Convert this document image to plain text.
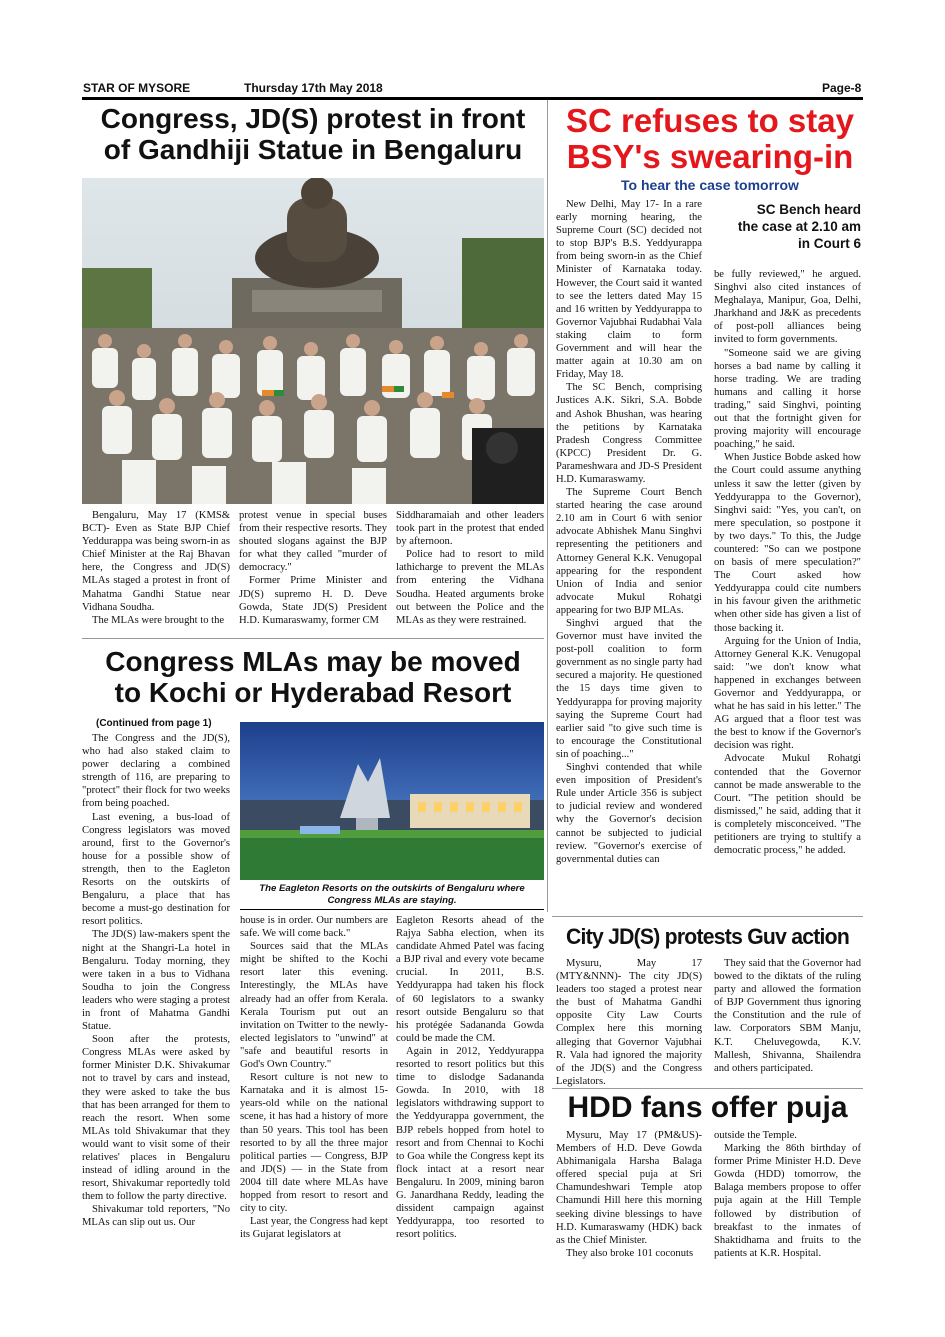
STAR OF MYSORE	Thursday 17th May 2018	Page-8

Congress, JD(S) protest in front

of Gandhiji Statue in Bengaluru

Bengaluru, May 17 (KMS& BCT)- Even as State BJP Chief Yeddurappa was being sworn-in as Chief Minister at the Raj Bhavan here, the Congress and JD(S) MLAs staged a protest in front of Mahatma Gandhi Statue near Vidhana Soudha.

The MLAs were brought to the

protest venue in special buses from their respective resorts. They shouted slogans against the BJP for what they called "murder of democracy."

Former Prime Minister and JD(S) supremo H. D. Deve Gowda, State JD(S) President H.D. Kumaraswamy, former CM

Siddharamaiah and other leaders took part in the protest that ended by afternoon.

Police had to resort to mild lathicharge to prevent the MLAs from entering the Vidhana Soudha. Heated arguments broke out between the Police and the MLAs as they were restrained.

Congress MLAs may be moved

to Kochi or Hyderabad Resort

(Continued from page 1)

The Congress and the JD(S), who had also staked claim to power declaring a combined strength of 116, are preparing to "protect" their flock for two weeks from being poached.

Last evening, a bus-load of Congress legislators was moved around, first to the Governor's house for a possible show of strength, then to the Eagleton Resorts on the outskirts of Bengaluru, a place that has become a must-go destination for resort politics.

The JD(S) law-makers spent the night at the Shangri-La hotel in Bengaluru. Today morning, they were taken in a bus to Vidhana Soudha to join the Congress leaders who were staging a protest in front of Mahatma Gandhi Statue.

Soon after the protests, Congress MLAs were asked by former Minister D.K. Shivakumar not to travel by cars and instead, they were asked to take the bus that has been arranged for them to reach the resort. When some MLAs told Shivakumar that they would want to visit some of their relatives' places in Bengaluru instead of idling around in the resort, Shivakumar reportedly told them to follow the party directive.

Shivakumar told reporters, "No MLAs can slip out us. Our

The Eagleton Resorts on the outskirts of Bengaluru where
Congress MLAs are staying.

house is in order. Our numbers are safe. We will come back."

Sources said that the MLAs might be shifted to the Kochi resort later this evening. Interestingly, the MLAs have already had an offer from Kerala. Kerala Tourism put out an invitation on Twitter to the newly-elected legislators to "unwind" at "safe and beautiful resorts in God's Own Country."

Resort culture is not new to Karnataka and it is almost 15-years-old while on the national scene, it has had a history of more than 50 years. This tool has been resorted to by all the three major political parties — Congress, BJP and JD(S) — in the State from 2004 till date where MLAs have hopped from resort to resort and city to city.

Last year, the Congress had kept its Gujarat legislators at

Eagleton Resorts ahead of the Rajya Sabha election, when its candidate Ahmed Patel was facing a BJP rival and every vote became crucial. In 2011, B.S. Yeddyurappa had taken his flock of 60 legislators to a swanky resort outside Bengaluru so that his protégée Sadananda Gowda could be made the CM.

Again in 2012, Yeddyurappa resorted to resort politics but this time to dislodge Sadananda Gowda. In 2010, with 18 legislators withdrawing support to the Yeddyurappa government, the BJP rebels hopped from hotel to resort and from Chennai to Kochi to Goa while the Congress kept its flock intact at a resort near Bengaluru. In 2009, mining baron G. Janardhana Reddy, leading the dissident campaign against Yeddyurappa, too resorted to resort politics.

SC refuses to stay

BSY's swearing-in

To hear the case tomorrow
SC Bench heard
the case at 2.10 am
in Court 6

New Delhi, May 17- In a rare early morning hearing, the Supreme Court (SC) decided not to stop BJP's B.S. Yeddyurappa from being sworn-in as the Chief Minister of Karnataka today. However, the Court said it wanted to see the letters dated May 15 and 16 written by Yeddyurappa to Governor Vajubhai Rudabhai Vala staking claim to form Government and will hear the matter again at 10.30 am on Friday, May 18.

The SC Bench, comprising Justices A.K. Sikri, S.A. Bobde and Ashok Bhushan, was hearing the petitions by Karnataka Pradesh Congress Committee (KPCC) President Dr. G. Parameshwara and JD-S President H.D. Kumaraswamy.

The Supreme Court Bench started hearing the case around 2.10 am in Court 6 with senior advocate Abhishek Manu Singhvi representing the petitioners and Attorney General K.K. Venugopal appearing for the respondent Union of India and senior advocate Mukul Rohatgi appearing for two BJP MLAs.

Singhvi argued that the Governor must have invited the post-poll coalition to form government as no single party had secured a majority. He questioned the 15 days time given to Yeddyurappa for proving majority saying the Supreme Court had earlier said "to give such time is to encourage the Constitutional sin of poaching..."

Singhvi contended that while even imposition of President's Rule under Article 356 is subject to judicial review and wondered why the Governor's decision cannot be subjected to judicial review. "Governor's exercise of governmental duties can

be fully reviewed," he argued. Singhvi also cited instances of Meghalaya, Manipur, Goa, Delhi, Jharkhand and J&K as precedents of post-poll alliances being invited to form governments.

"Someone said we are giving horses a bad name by calling it horse trading. We are trading humans and calling it horse trading," said Singhvi, pointing out that the fortnight given for proving majority will encourage poaching," he said.

When Justice Bobde asked how the Court could assume anything unless it saw the letter (given by Yeddyurappa to the Governor), Singhvi said: "Yes, you can't, on mere speculation, so postpone it by two days." To this, the Judge countered: "So can we postpone on basis of mere speculation?" The Court asked how Yeddyurappa could cite numbers in his favour given the arithmetic when other side has given a list of those backing it.

Arguing for the Union of India, Attorney General K.K. Venugopal said: "we don't know what happened in exchanges between Governor and Yeddyurappa, or what he has said in his letter." The AG argued that a floor test was the best to know if the Governor's decision was right.

Advocate Mukul Rohatgi contended that the Governor cannot be made answerable to the Court. "The petition should be dismissed," he said, adding that it is completely misconceived. "The petitioners are trying to stultify a democratic process," he added.

City JD(S) protests Guv action

Mysuru, May 17 (MTY&NNN)- The city JD(S) leaders too staged a protest near the bust of Mahatma Gandhi opposite City Law Courts Complex here this morning alleging that Governor Vajubhai R. Vala had ignored the majority of the JD(S) and the Congress Legislators.

They said that the Governor had bowed to the diktats of the ruling party and allowed the formation of BJP Government thus ignoring the Constitution and the rule of law. Corporators SBM Manju, K.T. Cheluvegowda, K.V. Mallesh, Shivanna, Shailendra and others participated.

HDD fans offer puja

Mysuru, May 17 (PM&US)- Members of H.D. Deve Gowda Abhimanigala Harsha Balaga offered special puja at Sri Chamundeshwari Temple atop Chamundi Hill here this morning seeking divine blessings to have H.D. Kumaraswamy (HDK) back as the Chief Minister.

They also broke 101 coconuts

outside the Temple.

Marking the 86th birthday of former Prime Minister H.D. Deve Gowda (HDD) tomorrow, the Balaga members propose to offer puja again at the Hill Temple followed by distribution of breakfast to the inmates of Shaktidhama and fruits to the patients at K.R. Hospital.
